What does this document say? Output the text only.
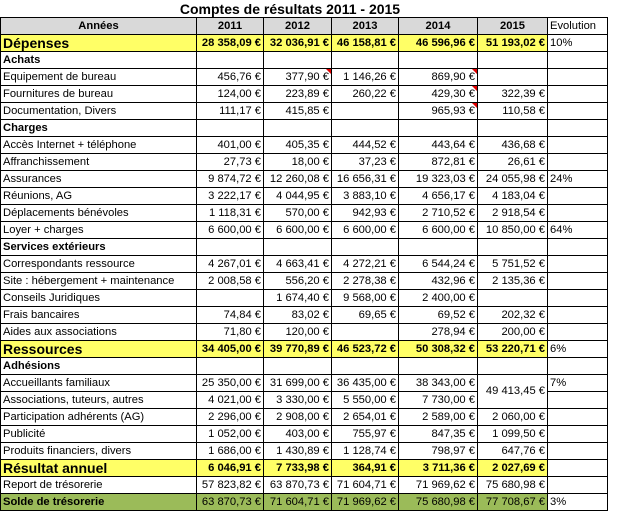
Comptes de résultats 2011 - 2015
Années	2011	2012	2013	2014	2015	Evolution
Dépenses	28 358,09 €	32 036,91 €	46 158,81 €	46 596,96 €	51 193,02 €	10%
Achats						
Equipement de bureau	456,76 €	377,90 €	1 146,26 €	869,90 €		
Fournitures de bureau	124,00 €	223,89 €	260,22 €	429,30 €	322,39 €	
Documentation, Divers	111,17 €	415,85 €		965,93 €	110,58 €	
Charges						
Accès Internet + téléphone	401,00 €	405,35 €	444,52 €	443,64 €	436,68 €	
Affranchissement	27,73 €	18,00 €	37,23 €	872,81 €	26,61 €	
Assurances	9 874,72 €	12 260,08 €	16 656,31 €	19 323,03 €	24 055,98 €	24%
Réunions, AG	3 222,17 €	4 044,95 €	3 883,10 €	4 656,17 €	4 183,04 €	
Déplacements bénévoles	1 118,31 €	570,00 €	942,93 €	2 710,52 €	2 918,54 €	
Loyer + charges	6 600,00 €	6 600,00 €	6 600,00 €	6 600,00 €	10 850,00 €	64%
Services extérieurs						
Correspondants ressource	4 267,01 €	4 663,41 €	4 272,21 €	6 544,24 €	5 751,52 €	
Site : hébergement + maintenance	2 008,58 €	556,20 €	2 278,38 €	432,96 €	2 135,36 €	
Conseils Juridiques		1 674,40 €	9 568,00 €	2 400,00 €		
Frais bancaires	74,84 €	83,02 €	69,65 €	69,52 €	202,32 €	
Aides aux associations	71,80 €	120,00 €		278,94 €	200,00 €	
Ressources	34 405,00 €	39 770,89 €	46 523,72 €	50 308,32 €	53 220,71 €	6%
Adhésions						
Accueillants familiaux	25 350,00 €	31 699,00 €	36 435,00 €	38 343,00 €	49 413,45 €	7%
Associations, tuteurs, autres	4 021,00 €	3 330,00 €	5 550,00 €	7 730,00 €		
Participation adhérents (AG)	2 296,00 €	2 908,00 €	2 654,01 €	2 589,00 €	2 060,00 €	
Publicité	1 052,00 €	403,00 €	755,97 €	847,35 €	1 099,50 €	
Produits financiers, divers	1 686,00 €	1 430,89 €	1 128,74 €	798,97 €	647,76 €	
Résultat annuel	6 046,91 €	7 733,98 €	364,91 €	3 711,36 €	2 027,69 €	
Report de trésorerie	57 823,82 €	63 870,73 €	71 604,71 €	71 969,62 €	75 680,98 €	
Solde de trésorerie	63 870,73 €	71 604,71 €	71 969,62 €	75 680,98 €	77 708,67 €	3%
